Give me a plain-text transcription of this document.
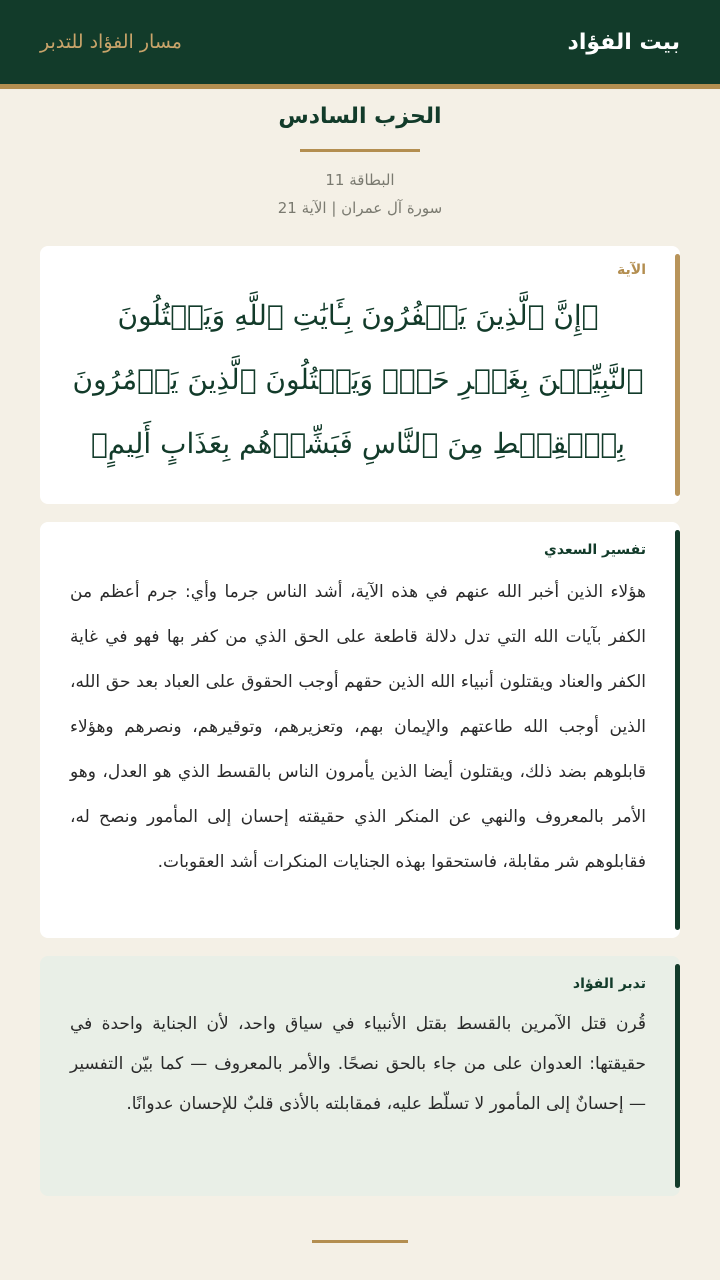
بيت الفؤاد
مسار الفؤاد للتدبر
الحزب السادس
البطاقة 11
سورة آل عمران | الآية 21
الآية
﴿إِنَّ ٱلَّذِينَ يَكۡفُرُونَ بِـَٔايَٰتِ ٱللَّهِ وَيَقۡتُلُونَ ٱلنَّبِيِّـۧنَ بِغَيۡرِ حَقّٖ وَيَقۡتُلُونَ ٱلَّذِينَ يَأۡمُرُونَ بِٱلۡقِسۡطِ مِنَ ٱلنَّاسِ فَبَشِّرۡهُم بِعَذَابٍ أَلِيمٍ﴾
تفسير السعدي
هؤلاء الذين أخبر الله عنهم في هذه الآية، أشد الناس جرما وأي: جرم أعظم من الكفر بآيات الله التي تدل دلالة قاطعة على الحق الذي من كفر بها فهو في غاية الكفر والعناد ويقتلون أنبياء الله الذين حقهم أوجب الحقوق على العباد بعد حق الله، الذين أوجب الله طاعتهم والإيمان بهم، وتعزيرهم، وتوقيرهم، ونصرهم وهؤلاء قابلوهم بضد ذلك، ويقتلون أيضا الذين يأمرون الناس بالقسط الذي هو العدل، وهو الأمر بالمعروف والنهي عن المنكر الذي حقيقته إحسان إلى المأمور ونصح له، فقابلوهم شر مقابلة، فاستحقوا بهذه الجنايات المنكرات أشد العقوبات.
تدبر الفؤاد
قُرن قتل الآمرين بالقسط بقتل الأنبياء في سياق واحد، لأن الجناية واحدة في حقيقتها: العدوان على من جاء بالحق نصحًا. والأمر بالمعروف — كما بيّن التفسير — إحسانٌ إلى المأمور لا تسلّط عليه، فمقابلته بالأذى قلبٌ للإحسان عدوانًا.
